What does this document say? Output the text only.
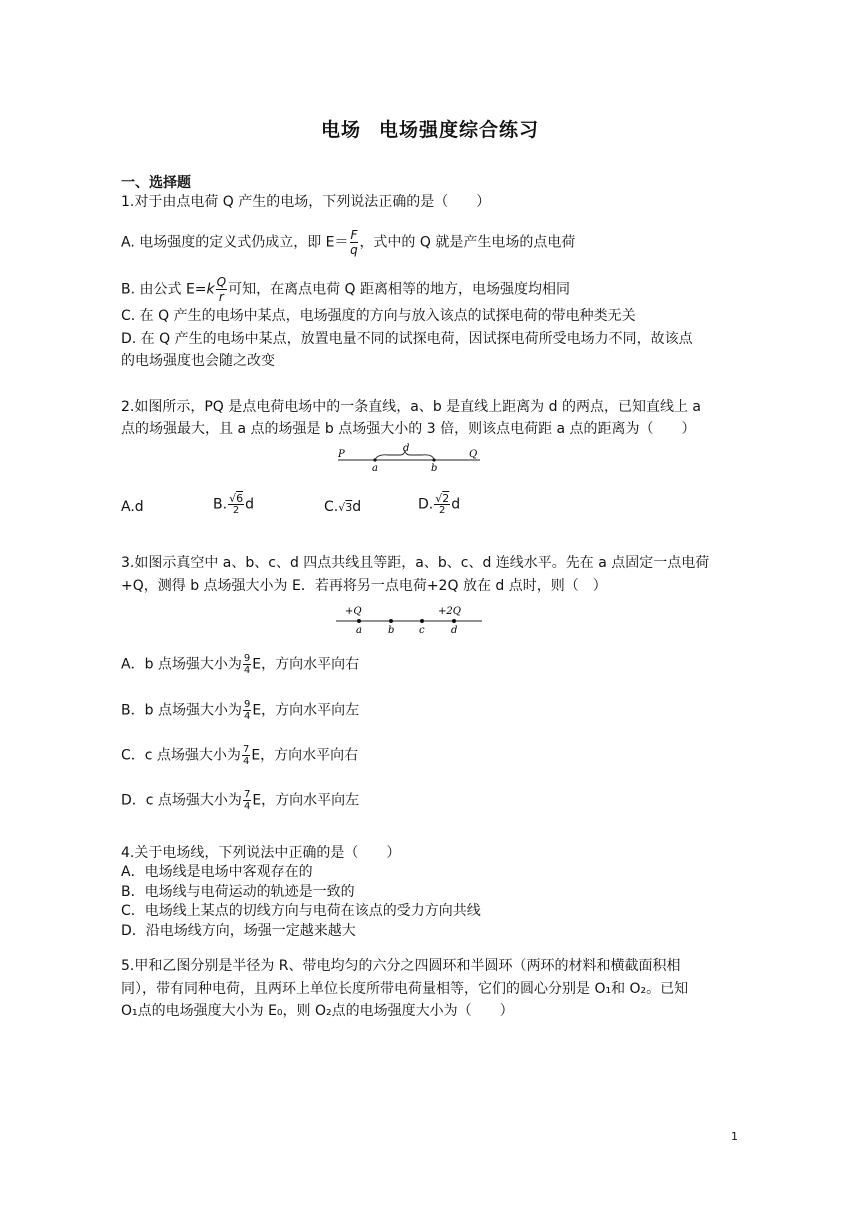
电场 电场强度综合练习
一、选择题
1.对于由点电荷 Q 产生的电场，下列说法正确的是（　　）
A. 电场强度的定义式仍成立，即 $E= \frac{F}{q}$ ，式中的 Q 就是产生电场的点电荷
B. 由公式 $E=k \frac{Q}{r}$ 可知，在离点电荷 Q 距离相等的地方，电场强度均相同
C. 在 Q 产生的电场中某点，电场强度的方向与放入该点的试探电荷的带电种类无关
D. 在 Q 产生的电场中某点，放置电量不同的试探电荷，因试探电荷所受电场力不同，故该点
的电场强度也会随之改变
2.如图所示，PQ 是点电荷电场中的一条直线，a、b 是直线上距离为 d 的两点，已知直线上 a
点的场强最大，且 a 点的场强是 b 点场强大小的 3 倍，则该点电荷距 a 点的距离为（　　）
P	Q
a	b
d
A.d	B. $\frac{√6}{2}$ d	C.√3d	D. $\frac{√2}{2}$ d
3.如图示真空中 a、b、c、d 四点共线且等距，a、b、c、d 连线水平。先在 a 点固定一点电荷
+Q，测得 b 点场强大小为 E．若再将另一点电荷+2Q 放在 d 点时，则（　）
+Q	+2Q
a	b c	d
A．b 点场强大小为 $\frac{9}{4}$ E，方向水平向右
B．b 点场强大小为 $\frac{9}{4}$ E，方向水平向左
C．c 点场强大小为 $\frac{7}{4}$ E，方向水平向右
D．c 点场强大小为 $\frac{7}{4}$ E，方向水平向左
4.关于电场线，下列说法中正确的是（　　）
A．电场线是电场中客观存在的
B．电场线与电荷运动的轨迹是一致的
C．电场线上某点的切线方向与电荷在该点的受力方向共线
D．沿电场线方向，场强一定越来越大
5.甲和乙图分别是半径为 R、带电均匀的六分之四圆环和半圆环（两环的材料和横截面积相
同），带有同种电荷，且两环上单位长度所带电荷量相等，它们的圆心分别是 O₁和 O₂。已知
O₁点的电场强度大小为 E₀，则 O₂点的电场强度大小为（　　）
1
